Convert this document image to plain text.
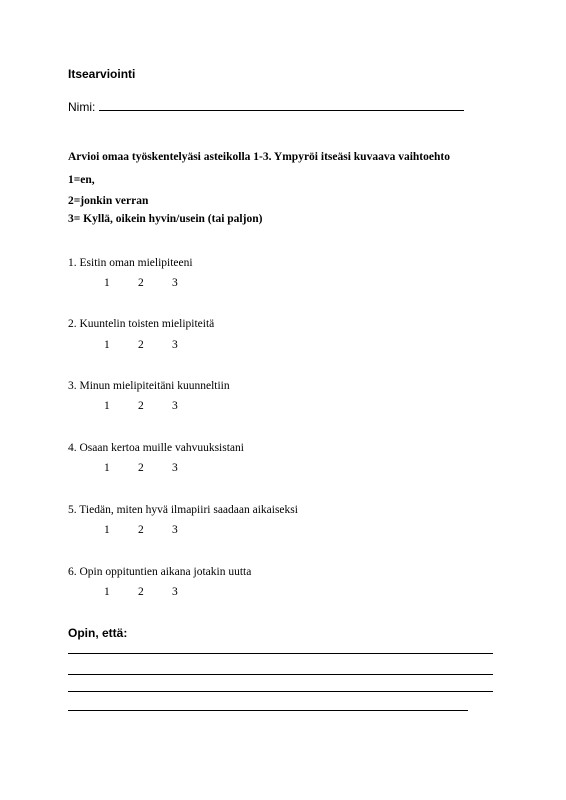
Itsearviointi
Nimi:
Arvioi omaa työskentelyäsi asteikolla 1-3. Ympyröi itseäsi kuvaava vaihtoehto
1=en,
2=jonkin verran
3= Kyllä, oikein hyvin/usein (tai paljon)
1. Esitin oman mielipiteeni
1 2 3
2. Kuuntelin toisten mielipiteitä
1 2 3
3. Minun mielipiteitäni kuunneltiin
1 2 3
4. Osaan kertoa muille vahvuuksistani
1 2 3
5. Tiedän, miten hyvä ilmapiiri saadaan aikaiseksi
1 2 3
6. Opin oppituntien aikana jotakin uutta
1 2 3
Opin, että:
